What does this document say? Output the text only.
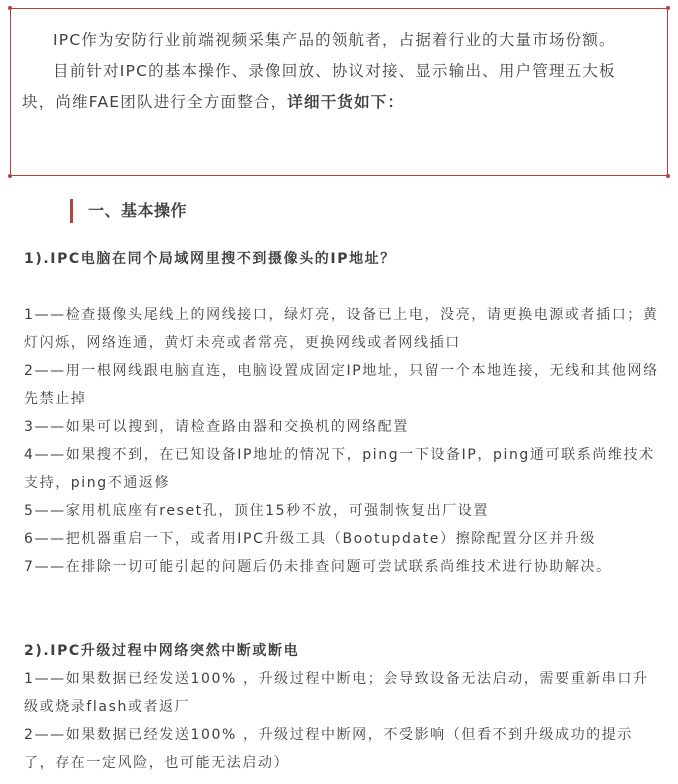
IPC作为安防行业前端视频采集产品的领航者，占据着行业的大量市场份额。

目前针对IPC的基本操作、录像回放、协议对接、显示输出、用户管理五大板块，尚维FAE团队进行全方面整合，详细干货如下：

一、基本操作

1).IPC电脑在同个局域网里搜不到摄像头的IP地址？

1——检查摄像头尾线上的网线接口，绿灯亮，设备已上电，没亮，请更换电源或者插口；黄灯闪烁，网络连通，黄灯未亮或者常亮，更换网线或者网线插口

2——用一根网线跟电脑直连，电脑设置成固定IP地址，只留一个本地连接，无线和其他网络先禁止掉

3——如果可以搜到，请检查路由器和交换机的网络配置

4——如果搜不到，在已知设备IP地址的情况下，ping一下设备IP，ping通可联系尚维技术支持，ping不通返修

5——家用机底座有reset孔，顶住15秒不放，可强制恢复出厂设置

6——把机器重启一下，或者用IPC升级工具（Bootupdate）擦除配置分区并升级

7——在排除一切可能引起的问题后仍未排查问题可尝试联系尚维技术进行协助解决。

2).IPC升级过程中网络突然中断或断电

1——如果数据已经发送100% ，升级过程中断电；会导致设备无法启动，需要重新串口升级或烧录flash或者返厂

2——如果数据已经发送100% ，升级过程中断网，不受影响（但看不到升级成功的提示了，存在一定风险，也可能无法启动）
